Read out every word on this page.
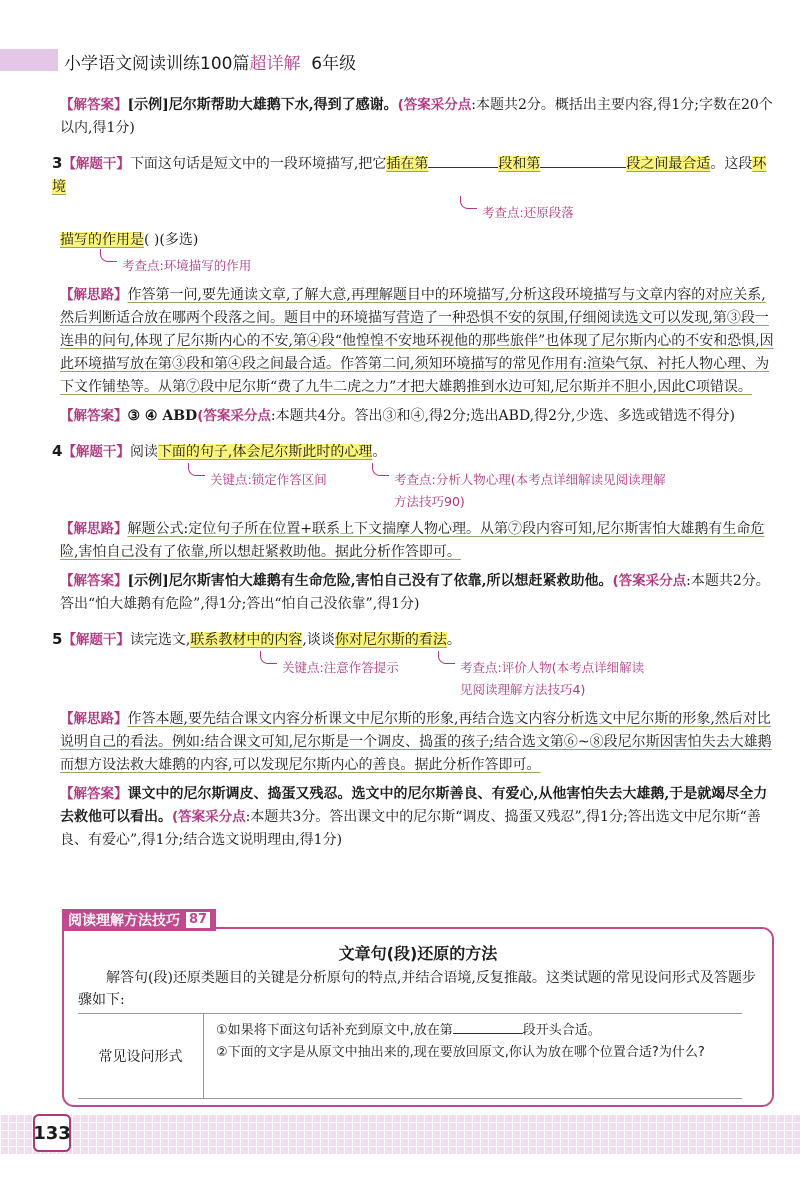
小学语文阅读训练100篇超详解 6年级
【解答案】[示例]尼尔斯帮助大雄鹅下水,得到了感谢。(答案采分点:本题共2分。概括出主要内容,得1分;字数在20个以内,得1分)
3【解题干】下面这句话是短文中的一段环境描写,把它插在第	段和第	段之间最合适。这段环境
考查点:还原段落
描写的作用是( )(多选)
考查点:环境描写的作用
【解思路】作答第一问,要先通读文章,了解大意,再理解题目中的环境描写,分析这段环境描写与文章内容的对应关系,然后判断适合放在哪两个段落之间。题目中的环境描写营造了一种恐惧不安的氛围,仔细阅读选文可以发现,第③段一连串的问句,体现了尼尔斯内心的不安,第④段“他惶惶不安地环视他的那些旅伴”也体现了尼尔斯内心的不安和恐惧,因此环境描写放在第③段和第④段之间最合适。作答第二问,须知环境描写的常见作用有:渲染气氛、衬托人物心理、为下文作铺垫等。从第⑦段中尼尔斯“费了九牛二虎之力”才把大雄鹅推到水边可知,尼尔斯并不胆小,因此C项错误。
【解答案】③ ④ ABD(答案采分点:本题共4分。答出③和④,得2分;选出ABD,得2分,少选、多选或错选不得分)
4【解题干】阅读下面的句子,体会尼尔斯此时的心理。
关键点:锁定作答区间	考查点:分析人物心理(本考点详细解读见阅读理解
方法技巧90)
【解思路】解题公式:定位句子所在位置+联系上下文揣摩人物心理。从第⑦段内容可知,尼尔斯害怕大雄鹅有生命危险,害怕自己没有了依靠,所以想赶紧救助他。据此分析作答即可。
【解答案】[示例]尼尔斯害怕大雄鹅有生命危险,害怕自己没有了依靠,所以想赶紧救助他。(答案采分点:本题共2分。答出“怕大雄鹅有危险”,得1分;答出“怕自己没依靠”,得1分)
5【解题干】读完选文,联系教材中的内容,谈谈你对尼尔斯的看法。
关键点:注意作答提示	考查点:评价人物(本考点详细解读
见阅读理解方法技巧4)
【解思路】作答本题,要先结合课文内容分析课文中尼尔斯的形象,再结合选文内容分析选文中尼尔斯的形象,然后对比说明自己的看法。例如:结合课文可知,尼尔斯是一个调皮、捣蛋的孩子;结合选文第⑥~⑧段尼尔斯因害怕失去大雄鹅而想方设法救大雄鹅的内容,可以发现尼尔斯内心的善良。据此分析作答即可。
【解答案】课文中的尼尔斯调皮、捣蛋又残忍。选文中的尼尔斯善良、有爱心,从他害怕失去大雄鹅,于是就竭尽全力去救他可以看出。(答案采分点:本题共3分。答出课文中的尼尔斯“调皮、捣蛋又残忍”,得1分;答出选文中尼尔斯“善良、有爱心”,得1分;结合选文说明理由,得1分)
文章句(段)还原的方法
解答句(段)还原类题目的关键是分析原句的特点,并结合语境,反复推敲。这类试题的常见设问形式及答题步骤如下:
常见设问形式
①如果将下面这句话补充到原文中,放在第	段开头合适。
②下面的文字是从原文中抽出来的,现在要放回原文,你认为放在哪个位置合适?为什么?
阅读理解方法技巧 87
133
